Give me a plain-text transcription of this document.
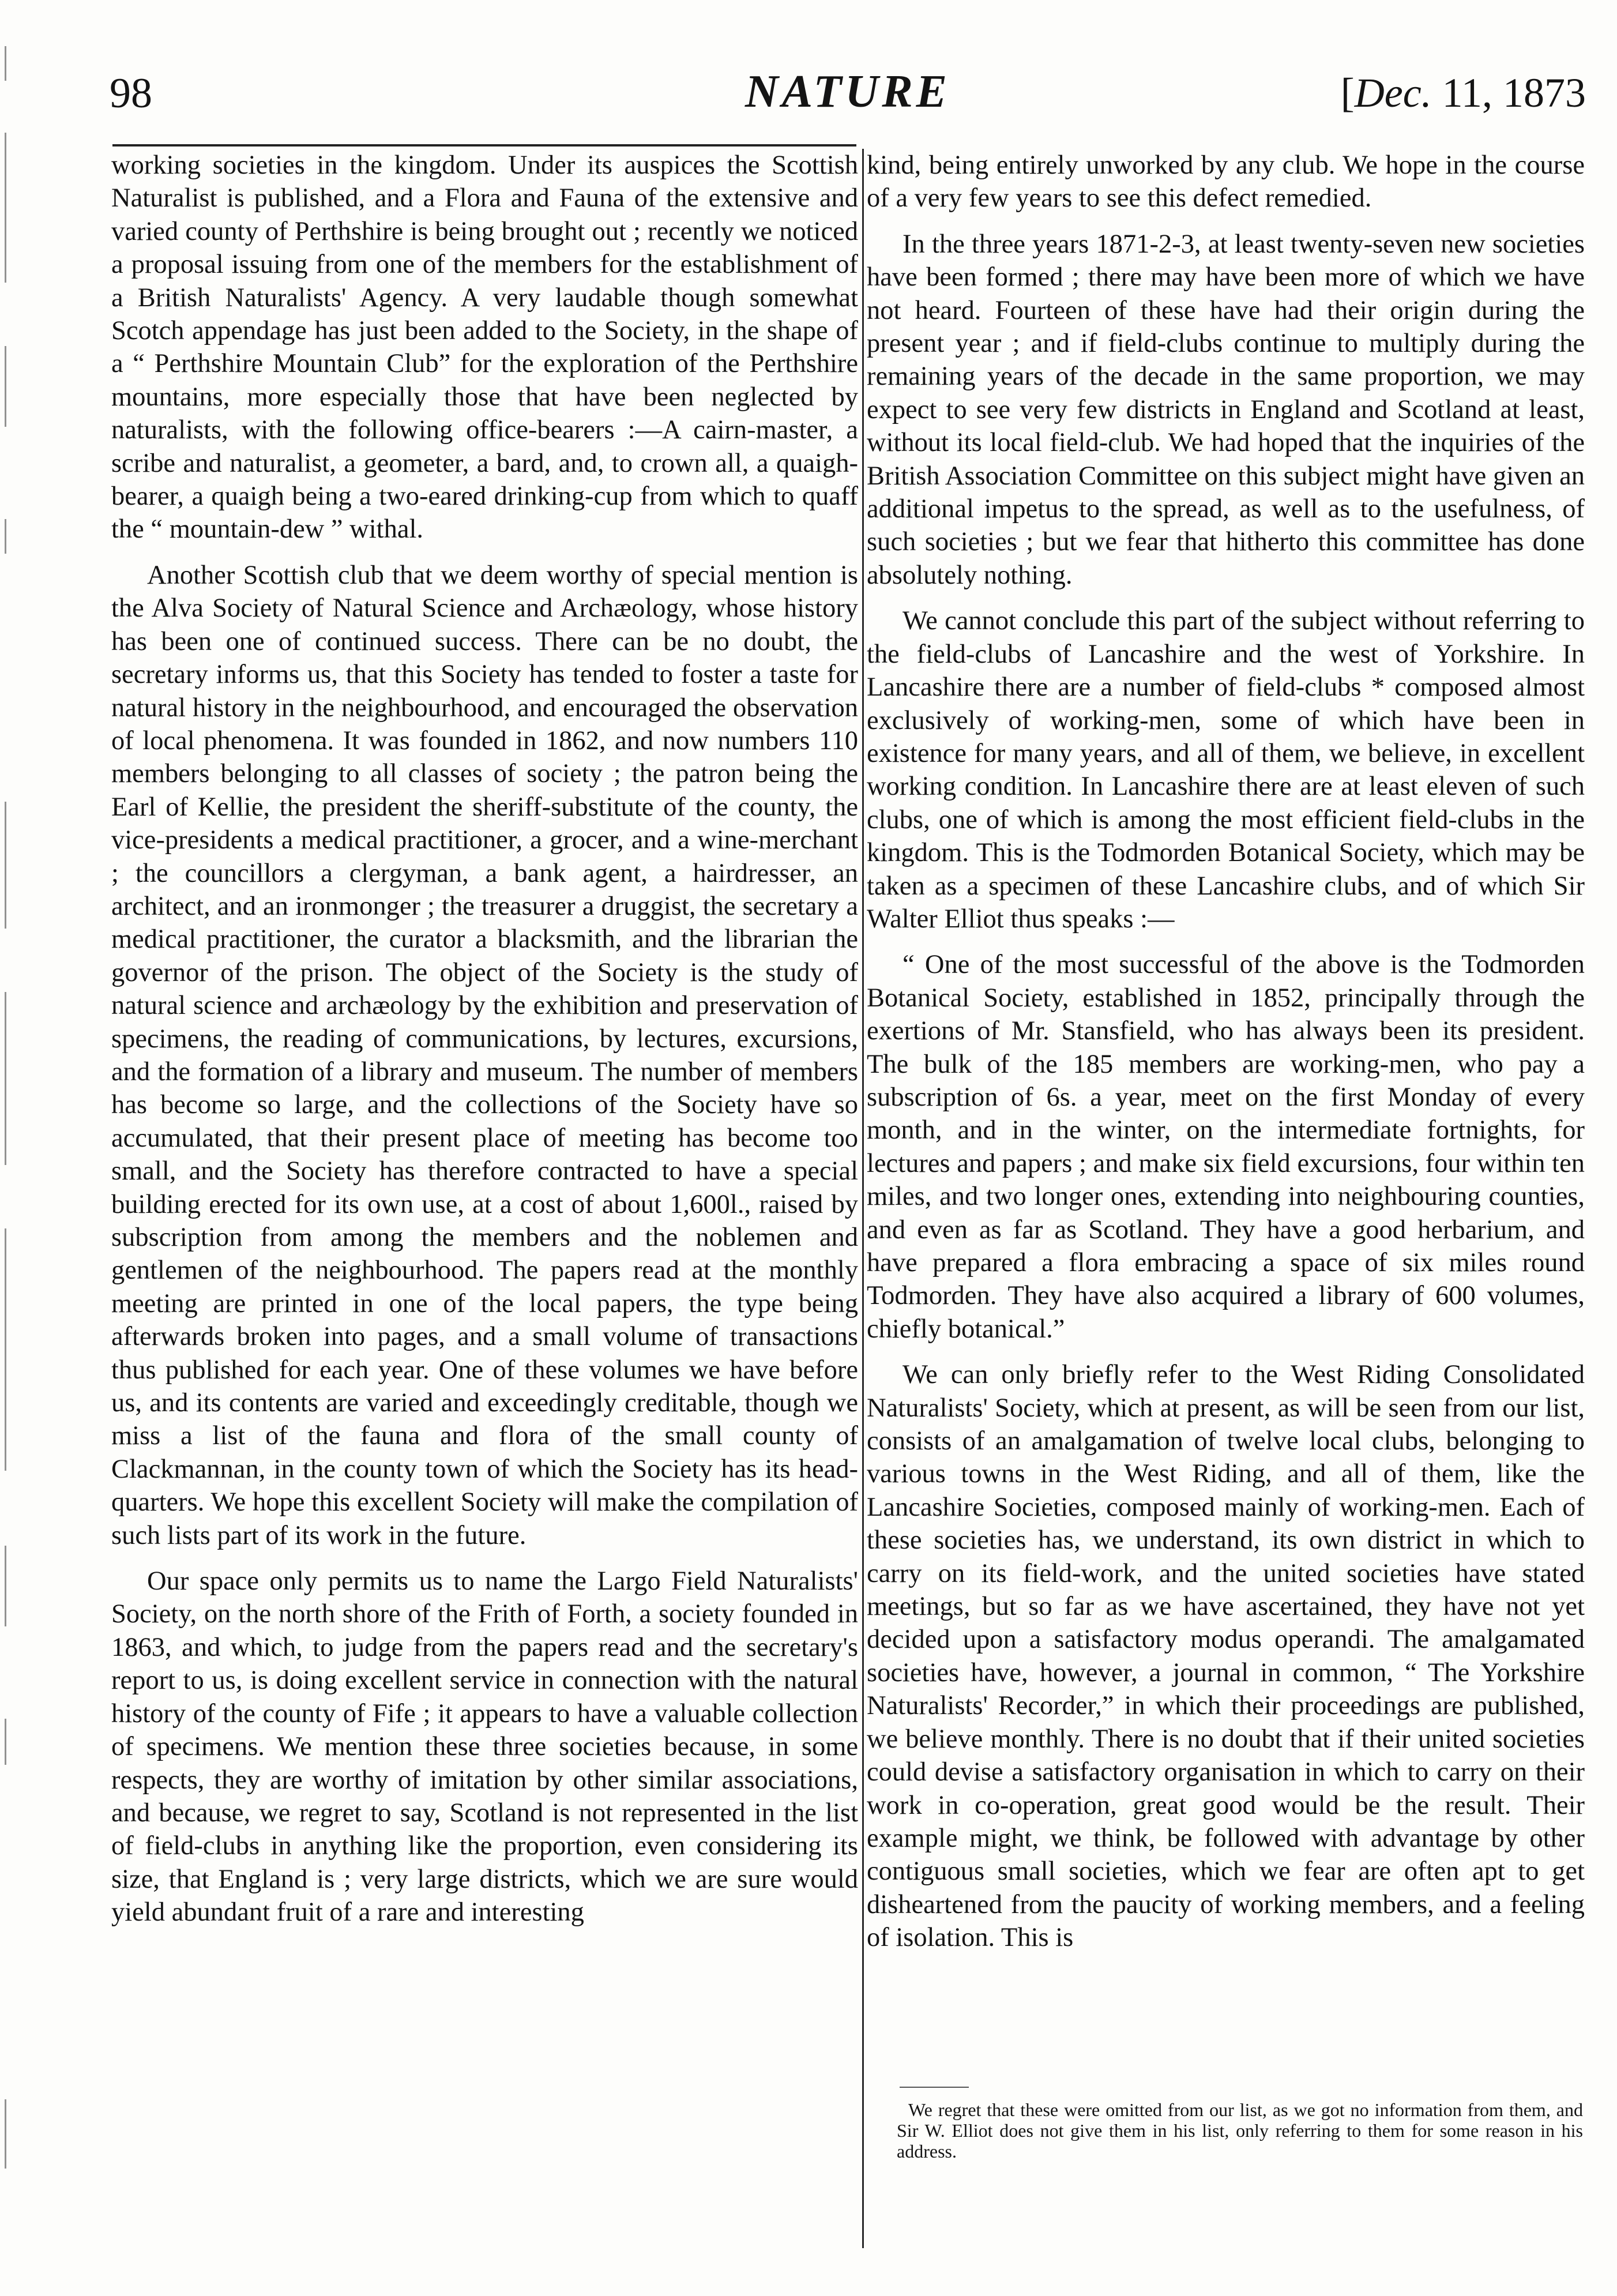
98	NATURE	[Dec. 11, 1873

working societies in the kingdom. Under its auspices the Scottish Naturalist is published, and a Flora and Fauna of the extensive and varied county of Perthshire is being brought out ; recently we noticed a proposal issuing from one of the members for the establishment of a British Naturalists' Agency. A very laudable though somewhat Scotch appendage has just been added to the Society, in the shape of a “ Perthshire Mountain Club” for the exploration of the Perthshire mountains, more especially those that have been neglected by naturalists, with the following office-bearers :—A cairn-master, a scribe and naturalist, a geometer, a bard, and, to crown all, a quaigh-bearer, a quaigh being a two-eared drinking-cup from which to quaff the “ mountain-dew ” withal.

Another Scottish club that we deem worthy of special mention is the Alva Society of Natural Science and Archæology, whose history has been one of continued success. There can be no doubt, the secretary informs us, that this Society has tended to foster a taste for natural history in the neighbourhood, and encouraged the observation of local phenomena. It was founded in 1862, and now numbers 110 members belonging to all classes of society ; the patron being the Earl of Kellie, the president the sheriff-substitute of the county, the vice-presidents a medical practitioner, a grocer, and a wine-merchant ; the councillors a clergyman, a bank agent, a hairdresser, an architect, and an ironmonger ; the treasurer a druggist, the secretary a medical practitioner, the curator a blacksmith, and the librarian the governor of the prison. The object of the Society is the study of natural science and archæology by the exhibition and preservation of specimens, the reading of communications, by lectures, excursions, and the formation of a library and museum. The number of members has become so large, and the collections of the Society have so accumulated, that their present place of meeting has become too small, and the Society has therefore contracted to have a special building erected for its own use, at a cost of about 1,600l., raised by subscription from among the members and the noblemen and gentlemen of the neighbourhood. The papers read at the monthly meeting are printed in one of the local papers, the type being afterwards broken into pages, and a small volume of transactions thus published for each year. One of these volumes we have before us, and its contents are varied and exceedingly creditable, though we miss a list of the fauna and flora of the small county of Clackmannan, in the county town of which the Society has its head-quarters. We hope this excellent Society will make the compilation of such lists part of its work in the future.

Our space only permits us to name the Largo Field Naturalists' Society, on the north shore of the Frith of Forth, a society founded in 1863, and which, to judge from the papers read and the secretary's report to us, is doing excellent service in connection with the natural history of the county of Fife ; it appears to have a valuable collection of specimens. We mention these three societies because, in some respects, they are worthy of imitation by other similar associations, and because, we regret to say, Scotland is not represented in the list of field-clubs in anything like the proportion, even considering its size, that England is ; very large districts, which we are sure would yield abundant fruit of a rare and interesting

kind, being entirely unworked by any club. We hope in the course of a very few years to see this defect remedied.

In the three years 1871-2-3, at least twenty-seven new societies have been formed ; there may have been more of which we have not heard. Fourteen of these have had their origin during the present year ; and if field-clubs continue to multiply during the remaining years of the decade in the same proportion, we may expect to see very few districts in England and Scotland at least, without its local field-club. We had hoped that the inquiries of the British Association Committee on this subject might have given an additional impetus to the spread, as well as to the usefulness, of such societies ; but we fear that hitherto this committee has done absolutely nothing.

We cannot conclude this part of the subject without referring to the field-clubs of Lancashire and the west of Yorkshire. In Lancashire there are a number of field-clubs * composed almost exclusively of working-men, some of which have been in existence for many years, and all of them, we believe, in excellent working condition. In Lancashire there are at least eleven of such clubs, one of which is among the most efficient field-clubs in the kingdom. This is the Todmorden Botanical Society, which may be taken as a specimen of these Lancashire clubs, and of which Sir Walter Elliot thus speaks :—

“ One of the most successful of the above is the Todmorden Botanical Society, established in 1852, principally through the exertions of Mr. Stansfield, who has always been its president. The bulk of the 185 members are working-men, who pay a subscription of 6s. a year, meet on the first Monday of every month, and in the winter, on the intermediate fortnights, for lectures and papers ; and make six field excursions, four within ten miles, and two longer ones, extending into neighbouring counties, and even as far as Scotland. They have a good herbarium, and have prepared a flora embracing a space of six miles round Todmorden. They have also acquired a library of 600 volumes, chiefly botanical.”

We can only briefly refer to the West Riding Consolidated Naturalists' Society, which at present, as will be seen from our list, consists of an amalgamation of twelve local clubs, belonging to various towns in the West Riding, and all of them, like the Lancashire Societies, composed mainly of working-men. Each of these societies has, we understand, its own district in which to carry on its field-work, and the united societies have stated meetings, but so far as we have ascertained, they have not yet decided upon a satisfactory modus operandi. The amalgamated societies have, however, a journal in common, “ The Yorkshire Naturalists' Recorder,” in which their proceedings are published, we believe monthly. There is no doubt that if their united societies could devise a satisfactory organisation in which to carry on their work in co-operation, great good would be the result. Their example might, we think, be followed with advantage by other contiguous small societies, which we fear are often apt to get disheartened from the paucity of working members, and a feeling of isolation. This is

We regret that these were omitted from our list, as we got no information from them, and Sir W. Elliot does not give them in his list, only referring to them for some reason in his address.
